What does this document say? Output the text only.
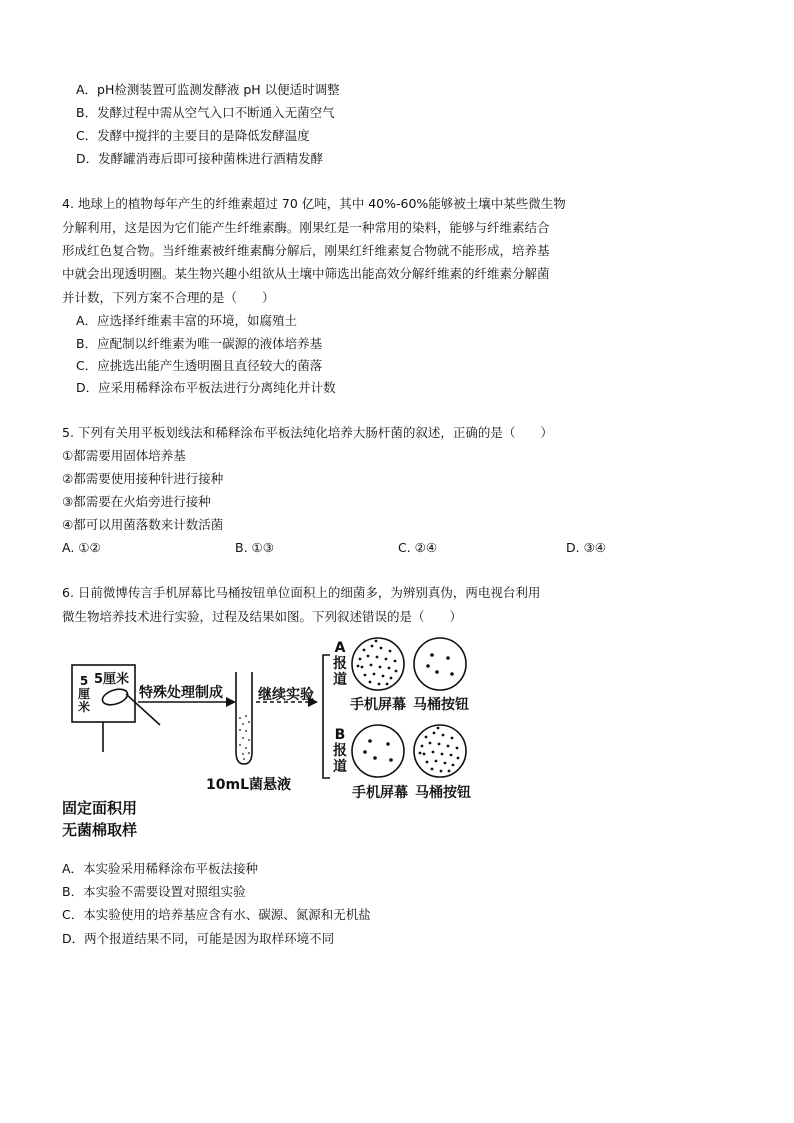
A．pH检测装置可监测发酵液 pH 以便适时调整
B．发酵过程中需从空气入口不断通入无菌空气
C．发酵中搅拌的主要目的是降低发酵温度
D．发酵罐消毒后即可接种菌株进行酒精发酵
4. 地球上的植物每年产生的纤维素超过 70 亿吨，其中 40%-60%能够被土壤中某些微生物
分解利用，这是因为它们能产生纤维素酶。刚果红是一种常用的染料，能够与纤维素结合
形成红色复合物。当纤维素被纤维素酶分解后，刚果红纤维素复合物就不能形成，培养基
中就会出现透明圈。某生物兴趣小组欲从土壤中筛选出能高效分解纤维素的纤维素分解菌
并计数，下列方案不合理的是（　　）
A．应选择纤维素丰富的环境，如腐殖土
B．应配制以纤维素为唯一碳源的液体培养基
C．应挑选出能产生透明圈且直径较大的菌落
D．应采用稀释涂布平板法进行分离纯化并计数
5. 下列有关用平板划线法和稀释涂布平板法纯化培养大肠杆菌的叙述，正确的是（　　）
①都需要用固体培养基
②都需要使用接种针进行接种
③都需要在火焰旁进行接种
④都可以用菌落数来计数活菌
A. ①②	B. ①③	C. ②④	D. ③④
6. 日前微博传言手机屏幕比马桶按钮单位面积上的细菌多，为辨别真伪，两电视台利用
微生物培养技术进行实验，过程及结果如图。下列叙述错误的是（　　）
5厘米
5厘米
特殊处理制成	继续实验
10mL菌悬液
A报道
B报道
手机屏幕 马桶按钮
手机屏幕 马桶按钮
固定面积用
无菌棉取样
A．本实验采用稀释涂布平板法接种
B．本实验不需要设置对照组实验
C．本实验使用的培养基应含有水、碳源、氮源和无机盐
D．两个报道结果不同，可能是因为取样环境不同
